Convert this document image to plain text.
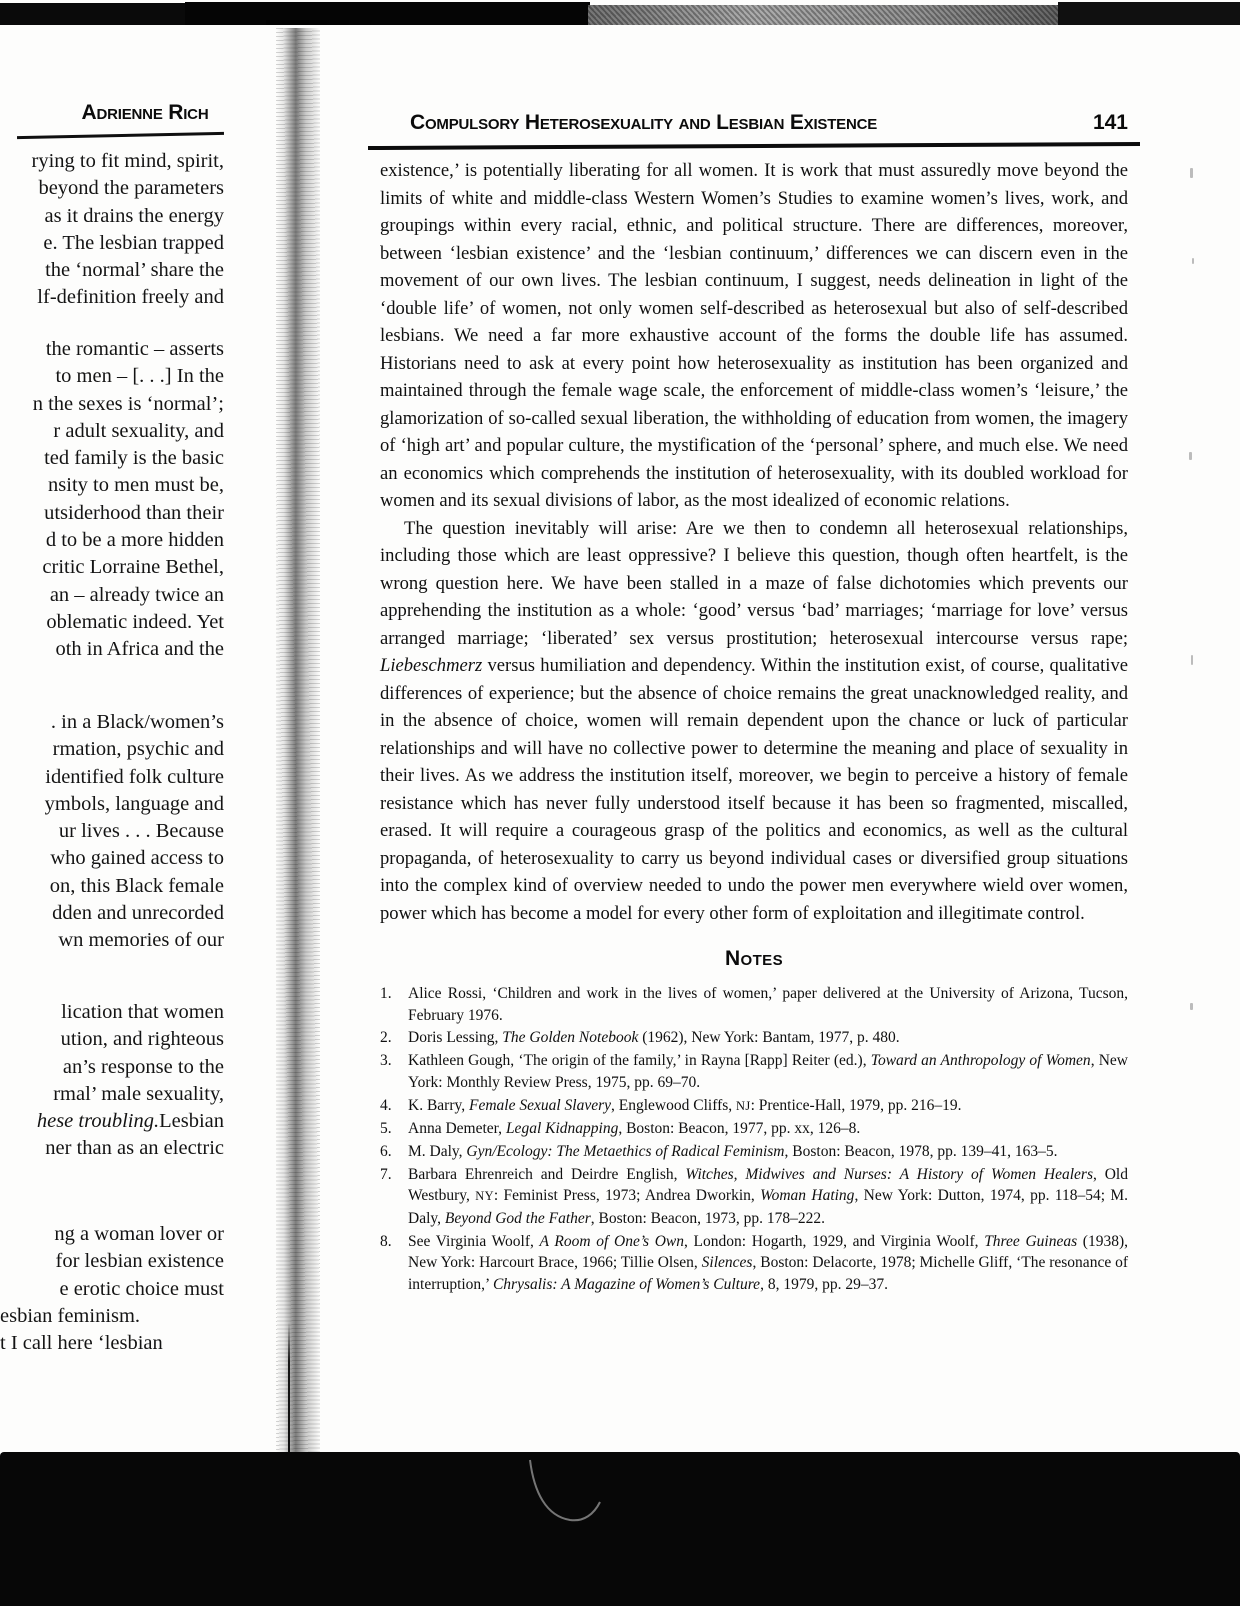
Adrienne Rich
rying to fit mind, spirit,
beyond the parameters
as it drains the energy
e. The lesbian trapped
the ‘normal’ share the
lf-definition freely and
the romantic – asserts
to men – [. . .] In the
n the sexes is ‘normal’;
r adult sexuality, and
ted family is the basic
nsity to men must be,
utsiderhood than their
d to be a more hidden
critic Lorraine Bethel,
an – already twice an
oblematic indeed. Yet
oth in Africa and the
. in a Black/women’s
rmation, psychic and
identified folk culture
ymbols, language and
ur lives . . . Because
who gained access to
on, this Black female
dden and unrecorded
wn memories of our
lication that women
ution, and righteous
an’s response to the
rmal’ male sexuality,
hese troubling. Lesbian
ner than as an electric
ng a woman lover or
for lesbian existence
e erotic choice must
esbian feminism.
t I call here ‘lesbian
Compulsory Heterosexuality and Lesbian Existence	141

existence,’ is potentially liberating for all women. It is work that must assuredly move beyond the limits of white and middle-class Western Women’s Studies to examine women’s lives, work, and groupings within every racial, ethnic, and political structure. There are differences, moreover, between ‘lesbian existence’ and the ‘lesbian continuum,’ differences we can discern even in the movement of our own lives. The lesbian continuum, I suggest, needs delineation in light of the ‘double life’ of women, not only women self-described as heterosexual but also of self-described lesbians. We need a far more exhaustive account of the forms the double life has assumed. Historians need to ask at every point how heterosexuality as institution has been organized and maintained through the female wage scale, the enforcement of middle-class women’s ‘leisure,’ the glamorization of so-called sexual liberation, the withholding of education from women, the imagery of ‘high art’ and popular culture, the mystification of the ‘personal’ sphere, and much else. We need an economics which comprehends the institution of heterosexuality, with its doubled workload for women and its sexual divisions of labor, as the most idealized of economic relations.

The question inevitably will arise: Are we then to condemn all heterosexual relationships, including those which are least oppressive? I believe this question, though often heartfelt, is the wrong question here. We have been stalled in a maze of false dichotomies which prevents our apprehending the institution as a whole: ‘good’ versus ‘bad’ marriages; ‘marriage for love’ versus arranged marriage; ‘liberated’ sex versus prostitution; heterosexual intercourse versus rape; Liebeschmerz versus humiliation and dependency. Within the institution exist, of course, qualitative differences of experience; but the absence of choice remains the great unacknowledged reality, and in the absence of choice, women will remain dependent upon the chance or luck of particular relationships and will have no collective power to determine the meaning and place of sexuality in their lives. As we address the institution itself, moreover, we begin to perceive a history of female resistance which has never fully understood itself because it has been so fragmented, miscalled, erased. It will require a courageous grasp of the politics and economics, as well as the cultural propaganda, of heterosexuality to carry us beyond individual cases or diversified group situations into the complex kind of overview needed to undo the power men everywhere wield over women, power which has become a model for every other form of exploitation and illegitimate control.

Notes
1.	Alice Rossi, ‘Children and work in the lives of women,’ paper delivered at the University of Arizona, Tucson, February 1976.
2.	Doris Lessing, The Golden Notebook (1962), New York: Bantam, 1977, p. 480.
3.	Kathleen Gough, ‘The origin of the family,’ in Rayna [Rapp] Reiter (ed.), Toward an Anthropology of Women, New York: Monthly Review Press, 1975, pp. 69–70.
4.	K. Barry, Female Sexual Slavery, Englewood Cliffs, NJ: Prentice-Hall, 1979, pp. 216–19.
5.	Anna Demeter, Legal Kidnapping, Boston: Beacon, 1977, pp. xx, 126–8.
6.	M. Daly, Gyn/Ecology: The Metaethics of Radical Feminism, Boston: Beacon, 1978, pp. 139–41, 163–5.
7.	Barbara Ehrenreich and Deirdre English, Witches, Midwives and Nurses: A History of Women Healers, Old Westbury, NY: Feminist Press, 1973; Andrea Dworkin, Woman Hating, New York: Dutton, 1974, pp. 118–54; M. Daly, Beyond God the Father, Boston: Beacon, 1973, pp. 178–222.
8.	See Virginia Woolf, A Room of One’s Own, London: Hogarth, 1929, and Virginia Woolf, Three Guineas (1938), New York: Harcourt Brace, 1966; Tillie Olsen, Silences, Boston: Delacorte, 1978; Michelle Gliff, ‘The resonance of interruption,’ Chrysalis: A Magazine of Women’s Culture, 8, 1979, pp. 29–37.
